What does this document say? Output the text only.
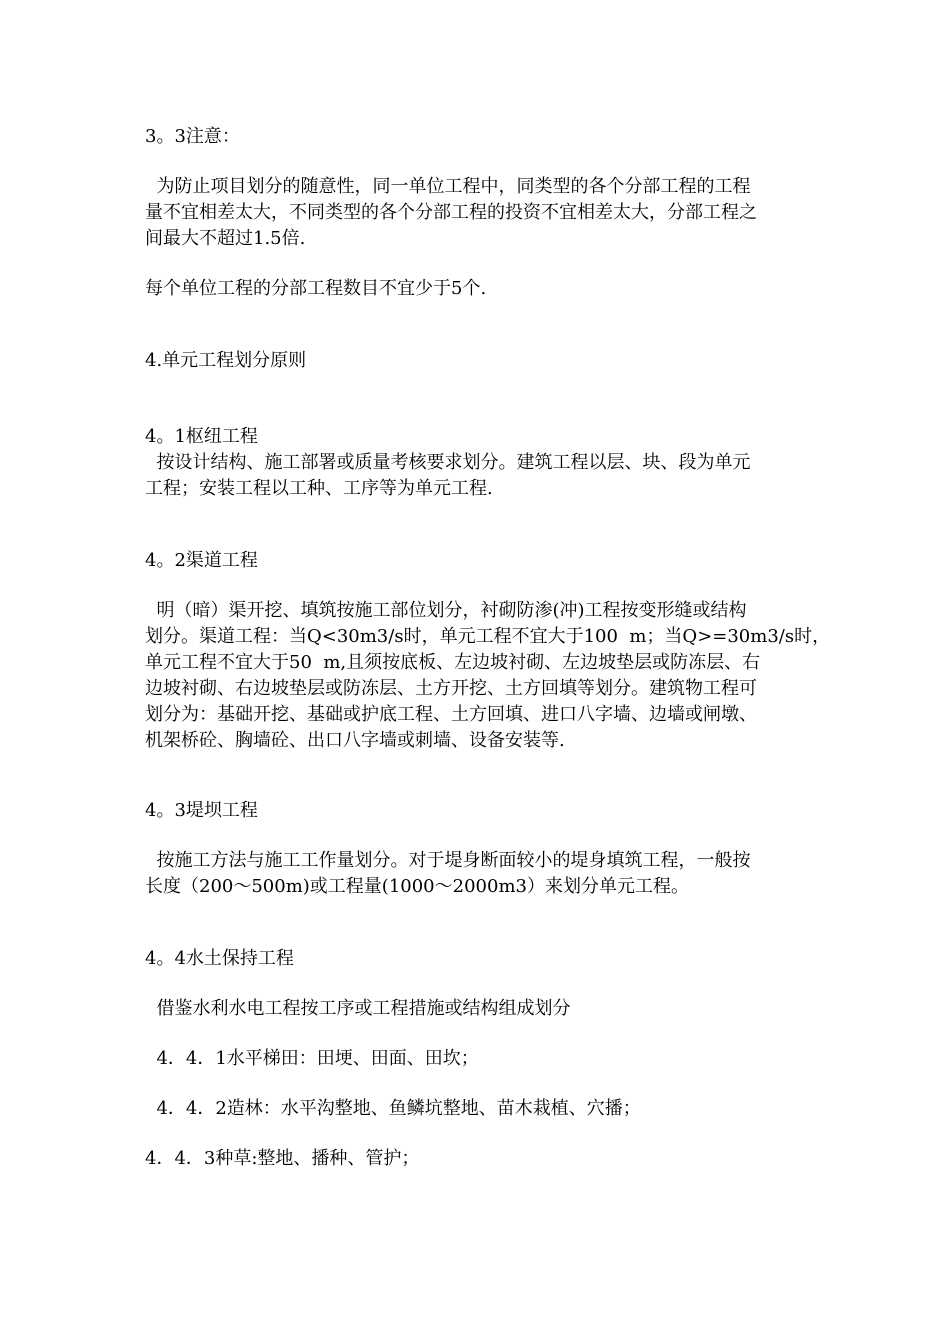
3。3注意：

为防止项目划分的随意性，同一单位工程中，同类型的各个分部工程的工程

量不宜相差太大，不同类型的各个分部工程的投资不宜相差太大，分部工程之

间最大不超过1.5倍.

每个单位工程的分部工程数目不宜少于5个.

4.单元工程划分原则

4。1枢纽工程

按设计结构、施工部署或质量考核要求划分。建筑工程以层、块、段为单元

工程；安装工程以工种、工序等为单元工程.

4。2渠道工程

明（暗）渠开挖、填筑按施工部位划分，衬砌防渗(冲)工程按变形缝或结构

划分。渠道工程：当Q<30m3/s时，单元工程不宜大于100  m；当Q>=30m3/s时，

单元工程不宜大于50  m,且须按底板、左边坡衬砌、左边坡垫层或防冻层、右

边坡衬砌、右边坡垫层或防冻层、土方开挖、土方回填等划分。建筑物工程可

划分为：基础开挖、基础或护底工程、土方回填、进口八字墙、边墙或闸墩、

机架桥砼、胸墙砼、出口八字墙或刺墙、设备安装等.

4。3堤坝工程

按施工方法与施工工作量划分。对于堤身断面较小的堤身填筑工程，一般按

长度（200～500m)或工程量(1000～2000m3）来划分单元工程。

4。4水土保持工程

借鉴水利水电工程按工序或工程措施或结构组成划分

4．4．1水平梯田：田埂、田面、田坎；

4．4．2造林：水平沟整地、鱼鳞坑整地、苗木栽植、穴播；

4．4．3种草:整地、播种、管护；
